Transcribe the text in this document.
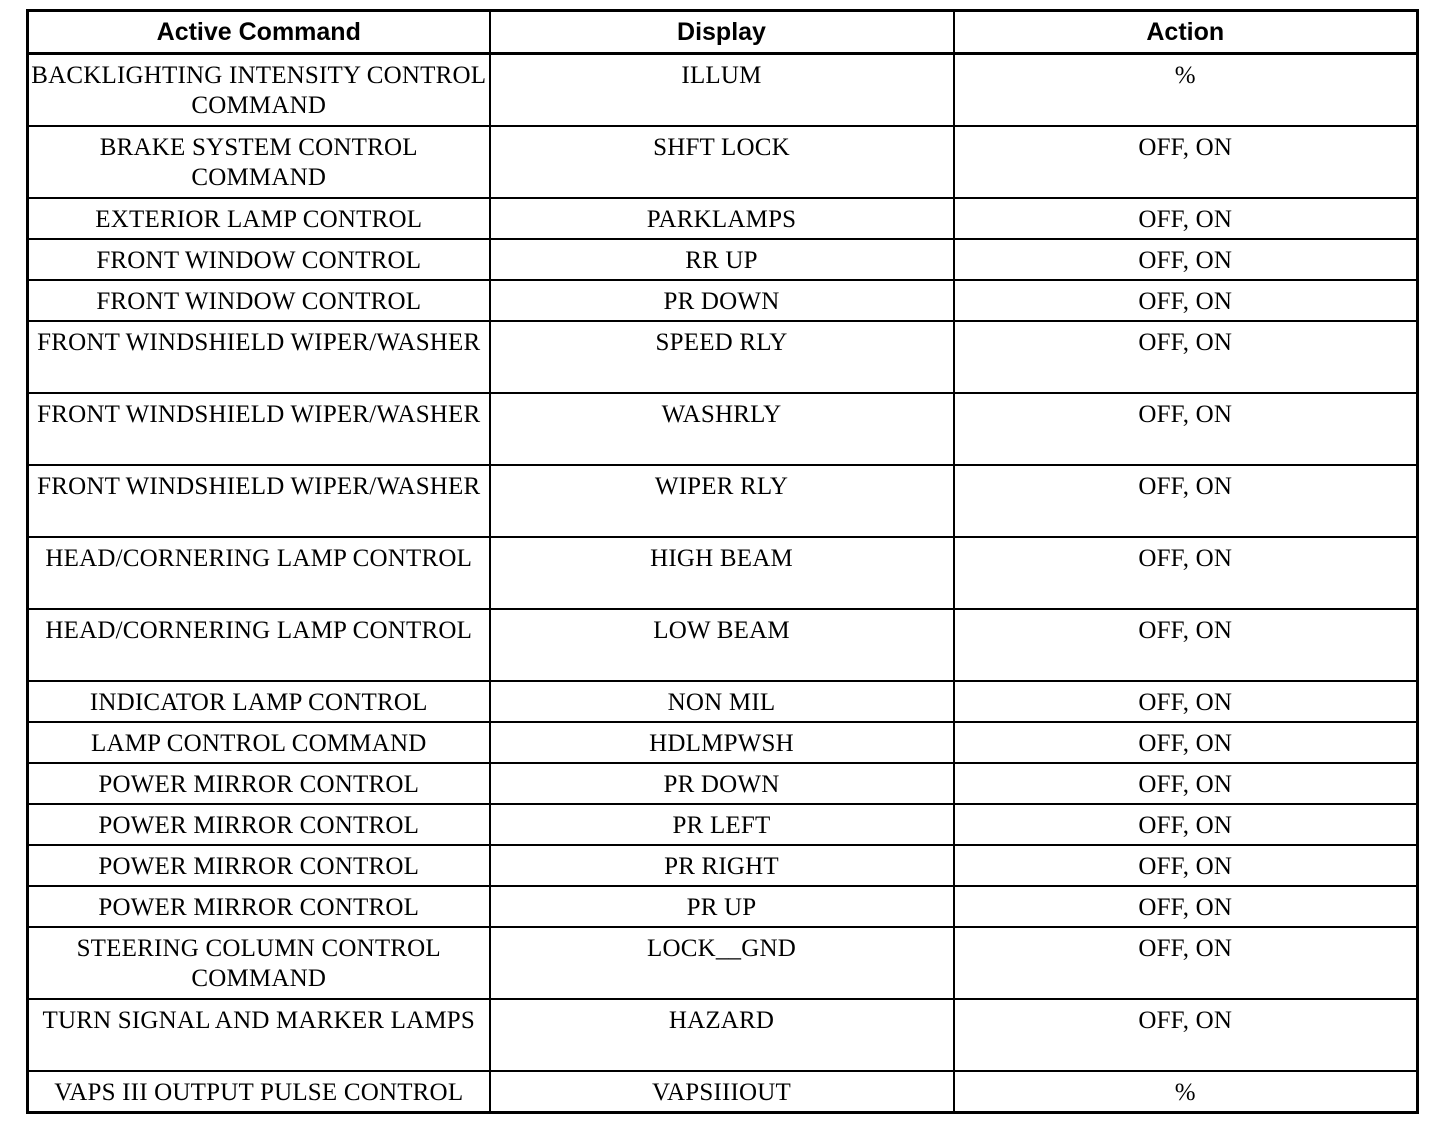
Active Command	Display	Action
BACKLIGHTING INTENSITY CONTROL COMMAND	ILLUM	%
BRAKE SYSTEM CONTROL COMMAND	SHFT LOCK	OFF, ON
EXTERIOR LAMP CONTROL	PARKLAMPS	OFF, ON
FRONT WINDOW CONTROL	RR UP	OFF, ON
FRONT WINDOW CONTROL	PR DOWN	OFF, ON
FRONT WINDSHIELD WIPER/WASHER	SPEED RLY	OFF, ON
FRONT WINDSHIELD WIPER/WASHER	WASHRLY	OFF, ON
FRONT WINDSHIELD WIPER/WASHER	WIPER RLY	OFF, ON
HEAD/CORNERING LAMP CONTROL	HIGH BEAM	OFF, ON
HEAD/CORNERING LAMP CONTROL	LOW BEAM	OFF, ON
INDICATOR LAMP CONTROL	NON MIL	OFF, ON
LAMP CONTROL COMMAND	HDLMPWSH	OFF, ON
POWER MIRROR CONTROL	PR DOWN	OFF, ON
POWER MIRROR CONTROL	PR LEFT	OFF, ON
POWER MIRROR CONTROL	PR RIGHT	OFF, ON
POWER MIRROR CONTROL	PR UP	OFF, ON
STEERING COLUMN CONTROL COMMAND	LOCK__GND	OFF, ON
TURN SIGNAL AND MARKER LAMPS	HAZARD	OFF, ON
VAPS III OUTPUT PULSE CONTROL	VAPSIIIOUT	%
